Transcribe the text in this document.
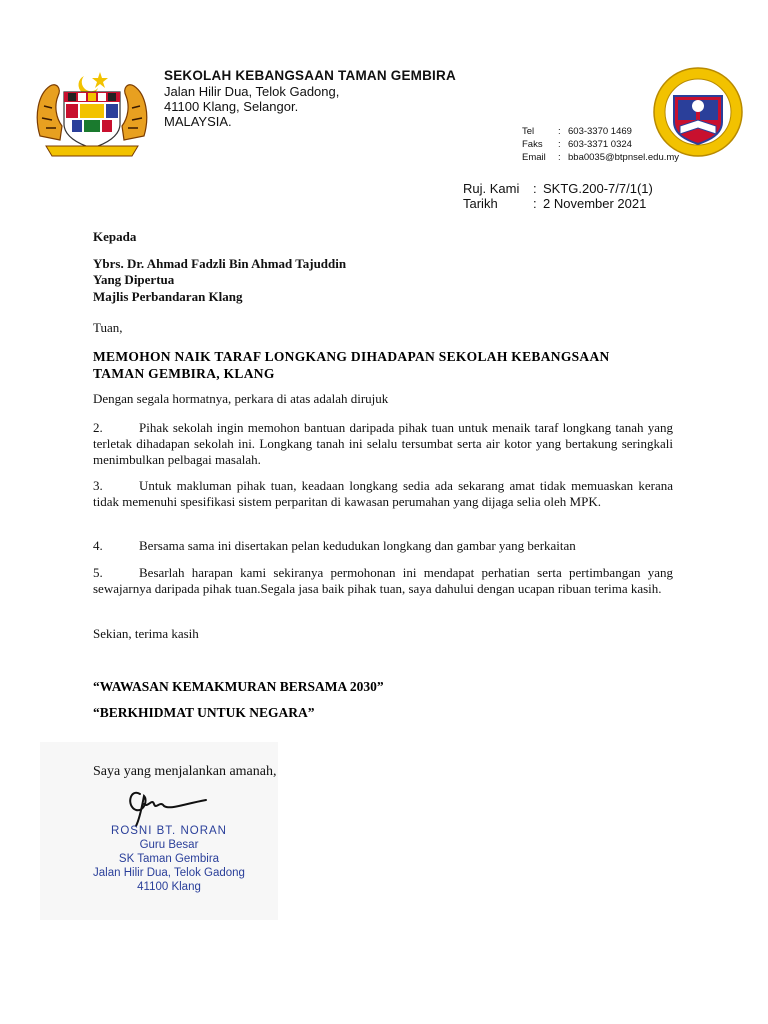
SEKOLAH KEBANGSAAN TAMAN GEMBIRA
Jalan Hilir Dua, Telok Gadong,
41100 Klang, Selangor.
MALAYSIA.
Tel	: 603-3370 1469
Faks	: 603-3371 0324
Email	: bba0035@btpnsel.edu.my
Ruj. Kami	: SKTG.200-7/7/1(1)
Tarikh	: 2 November 2021
Kepada
Ybrs. Dr. Ahmad Fadzli Bin Ahmad Tajuddin
Yang Dipertua
Majlis Perbandaran Klang
Tuan,
MEMOHON NAIK TARAF LONGKANG DIHADAPAN SEKOLAH KEBANGSAAN
TAMAN GEMBIRA, KLANG
Dengan segala hormatnya, perkara di atas adalah dirujuk
2.	Pihak sekolah ingin memohon bantuan daripada pihak tuan untuk menaik taraf longkang tanah yang terletak dihadapan sekolah ini. Longkang tanah ini selalu tersumbat serta air kotor yang bertakung seringkali menimbulkan pelbagai masalah.
3.	Untuk makluman pihak tuan, keadaan longkang sedia ada sekarang amat tidak memuaskan kerana tidak memenuhi spesifikasi sistem perparitan di kawasan perumahan yang dijaga selia oleh MPK.
4.	Bersama sama ini disertakan pelan kedudukan longkang dan gambar yang berkaitan
5.	Besarlah harapan kami sekiranya permohonan ini mendapat perhatian serta pertimbangan yang sewajarnya daripada pihak tuan.Segala jasa baik pihak tuan, saya dahului dengan ucapan ribuan terima kasih.
Sekian, terima kasih
“WAWASAN KEMAKMURAN BERSAMA 2030”
“BERKHIDMAT UNTUK NEGARA”
Saya yang menjalankan amanah,
ROSNI BT. NORAN
Guru Besar
SK Taman Gembira
Jalan Hilir Dua, Telok Gadong
41100 Klang
